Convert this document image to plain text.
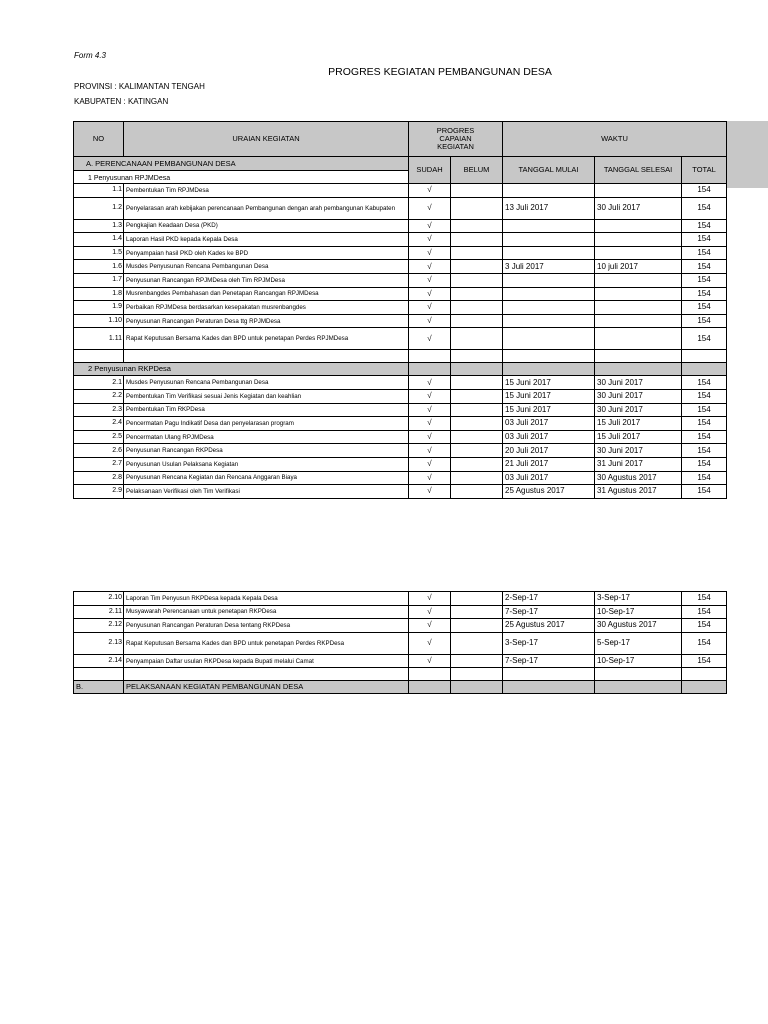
Form 4.3
PROGRES KEGIATAN PEMBANGUNAN DESA
PROVINSI : KALIMANTAN TENGAH
KABUPATEN : KATINGAN
NO	URAIAN KEGIATAN	PROGRES CAPAIAN KEGIATAN		WAKTU		

A. PERENCANAAN PEMBANGUNAN DESA		SUDAH	BELUM	TANGGAL MULAI	TANGGAL SELESAI	TOTAL
1 Penyusunan RPJMDesa						
1.1	Pembentukan Tim RPJMDesa	√				154
1.2	Penyelarasan arah kebijakan perencanaan Pembangunan dengan arah pembangunan Kabupaten	√		13 Juli 2017	30 Juli 2017	154
1.3	Pengkajian Keadaan Desa (PKD)	√				154
1.4	Laporan Hasil PKD kepada Kepala Desa	√				154
1.5	Penyampaian hasil PKD oleh Kades ke BPD	√				154
1.6	Musdes Penyusunan Rencana Pembangunan Desa	√		3 Juli 2017	10 juli 2017	154
1.7	Penyusunan Rancangan RPJMDesa oleh Tim RPJMDesa	√				154
1.8	Musrenbangdes Pembahasan dan Penetapan Rancangan RPJMDesa	√				154
1.9	Perbaikan RPJMDesa berdasarkan kesepakatan musrenbangdes	√				154
1.10	Penyusunan Rancangan Peraturan Desa ttg RPJMDesa	√				154
1.11	Rapat Keputusan Bersama Kades dan BPD untuk penetapan Perdes RPJMDesa	√				154

2 Penyusunan RKPDesa						
2.1	Musdes Penyusunan Rencana Pembangunan Desa	√		15 Juni 2017	30 Juni 2017	154
2.2	Pembentukan Tim Verifikasi sesuai Jenis Kegiatan dan keahlian	√		15 Juni 2017	30 Juni 2017	154
2.3	Pembentukan Tim RKPDesa	√		15 Juni 2017	30 Juni 2017	154
2.4	Pencermatan Pagu Indikatif Desa dan penyelarasan program	√		03 Juli 2017	15 Juli 2017	154
2.5	Pencermatan Ulang RPJMDesa	√		03 Juli 2017	15 Juli 2017	154
2.6	Penyusunan Rancangan RKPDesa	√		20 Juli 2017	30 Juni 2017	154
2.7	Penyusunan Usulan Pelaksana Kegiatan	√		21 Juli 2017	31 Juni 2017	154
2.8	Penyusunan Rencana Kegiatan dan Rencana Anggaran Biaya	√		03 Juli 2017	30 Agustus 2017	154
2.9	Pelaksanaan Verifikasi oleh Tim Verifikasi	√		25 Agustus 2017	31 Agustus 2017	154
2.10	Laporan Tim Penyusun RKPDesa kepada Kepala Desa	√		2-Sep-17	3-Sep-17	154
2.11	Musyawarah Perencanaan untuk penetapan RKPDesa	√		7-Sep-17	10-Sep-17	154
2.12	Penyusunan Rancangan Peraturan Desa tentang RKPDesa	√		25 Agustus 2017	30 Agustus 2017	154
2.13	Rapat Keputusan Bersama Kades dan BPD untuk penetapan Perdes RKPDesa	√		3-Sep-17	5-Sep-17	154
2.14	Penyampaian Daftar usulan RKPDesa kepada Bupati melalui Camat	√		7-Sep-17	10-Sep-17	154

B.	PELAKSANAAN KEGIATAN PEMBANGUNAN DESA					
